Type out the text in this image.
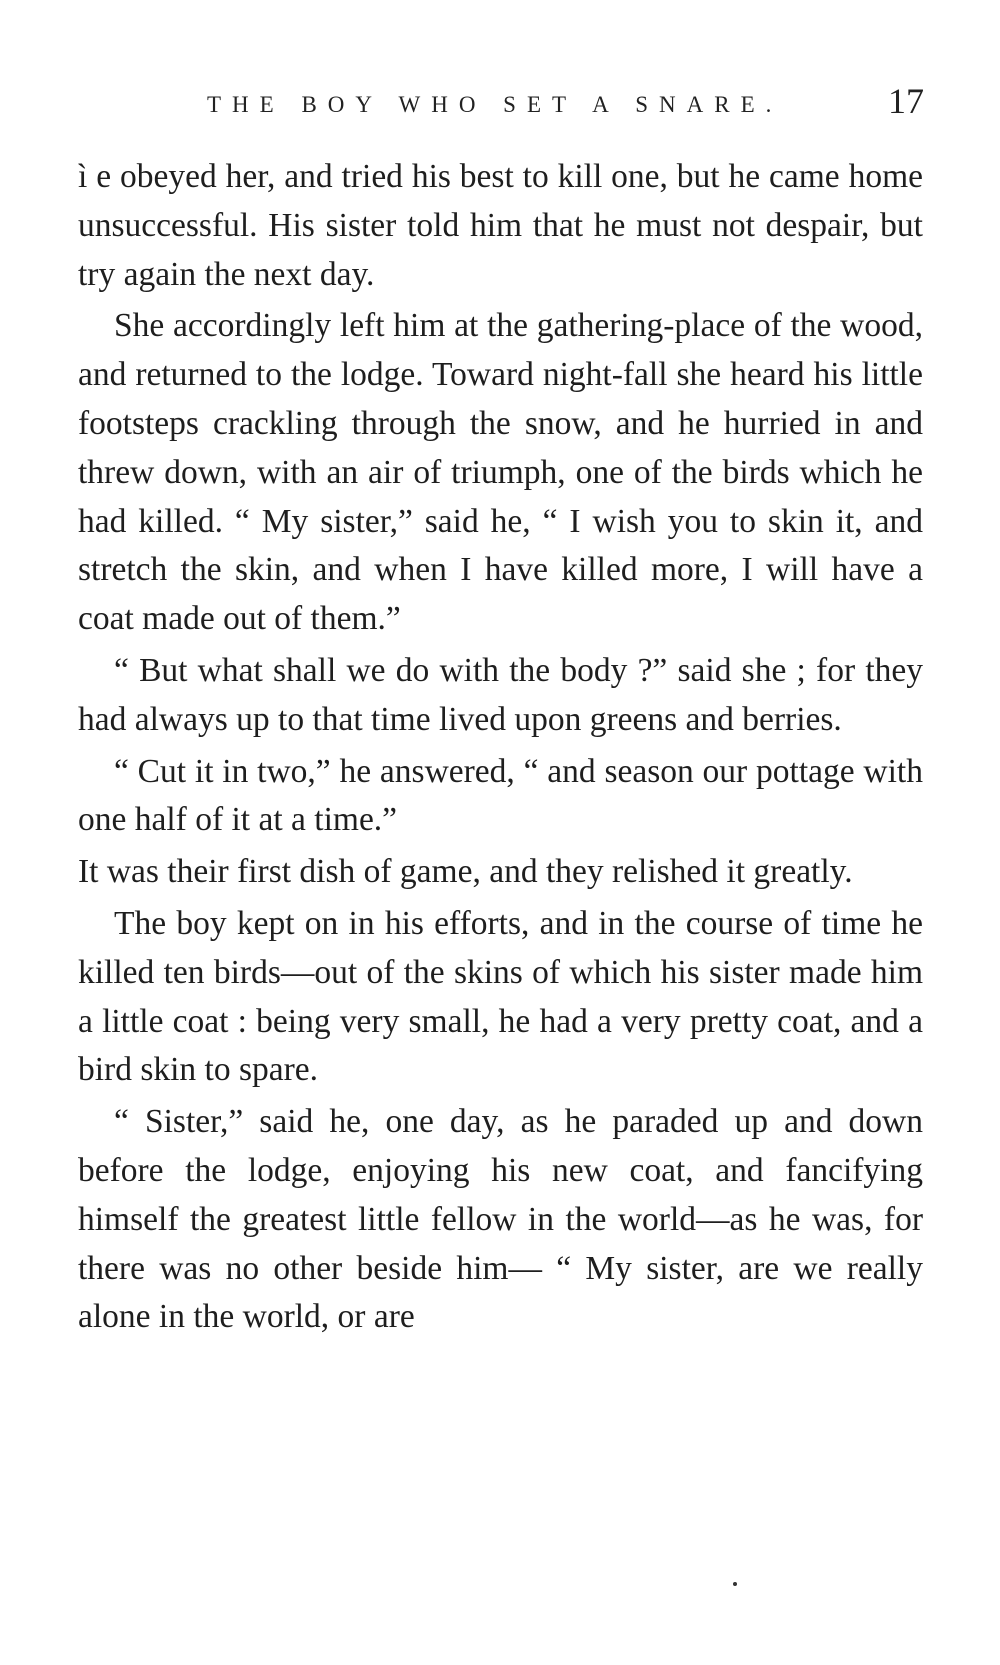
THE BOY WHO SET A SNARE.	17

ì e obeyed her, and tried his best to kill one, but he came home unsuccessful. His sister told him that he must not despair, but try again the next day.

She accordingly left him at the gathering-place of the wood, and returned to the lodge. Toward night-fall she heard his little footsteps crackling through the snow, and he hurried in and threw down, with an air of triumph, one of the birds which he had killed. “ My sister,” said he, “ I wish you to skin it, and stretch the skin, and when I have killed more, I will have a coat made out of them.”

“ But what shall we do with the body ?” said she ; for they had always up to that time lived upon greens and berries.

“ Cut it in two,” he answered, “ and season our pottage with one half of it at a time.”

It was their first dish of game, and they relished it greatly.

The boy kept on in his efforts, and in the course of time he killed ten birds—out of the skins of which his sister made him a little coat : being very small, he had a very pretty coat, and a bird skin to spare.

“ Sister,” said he, one day, as he paraded up and down before the lodge, enjoying his new coat, and fancifying himself the greatest little fellow in the world—as he was, for there was no other beside him— “ My sister, are we really alone in the world, or are
